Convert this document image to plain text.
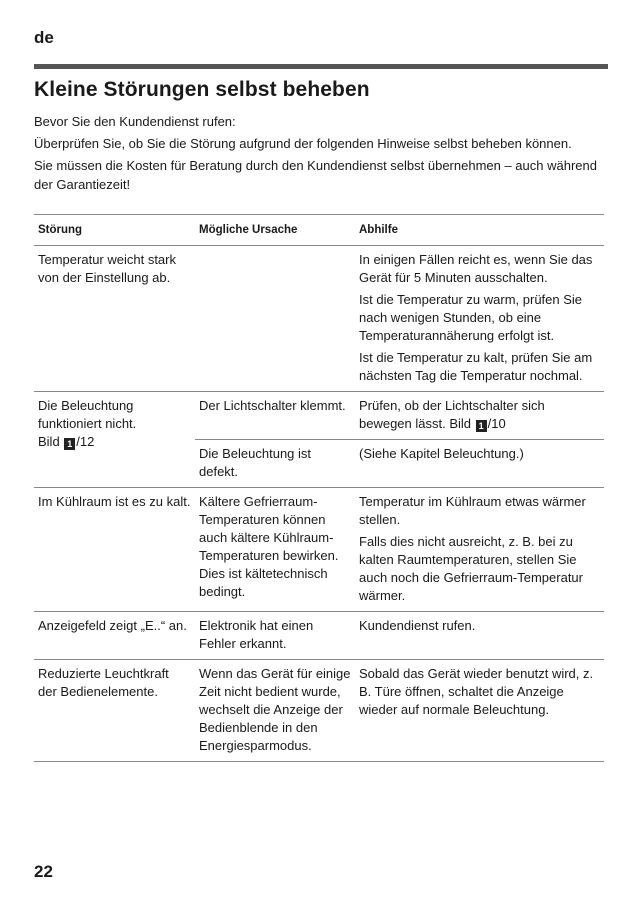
de
Kleine Störungen selbst beheben

Bevor Sie den Kundendienst rufen:

Überprüfen Sie, ob Sie die Störung aufgrund der folgenden Hinweise selbst beheben können.

Sie müssen die Kosten für Beratung durch den Kundendienst selbst übernehmen – auch während der Garantiezeit!

Störung	Mögliche Ursache	Abhilfe
Temperatur weicht stark von der Einstellung ab.		In einigen Fällen reicht es, wenn Sie das Gerät für 5 Minuten ausschalten.

Ist die Temperatur zu warm, prüfen Sie nach wenigen Stunden, ob eine Temperaturannäherung erfolgt ist.

Ist die Temperatur zu kalt, prüfen Sie am nächsten Tag die Temperatur nochmal.

Die Beleuchtung funktioniert nicht.
Bild 1 /12	Der Lichtschalter klemmt.	Prüfen, ob der Lichtschalter sich bewegen lässt. Bild 1 /10
	Die Beleuchtung ist defekt.	(Siehe Kapitel Beleuchtung.)
Im Kühlraum ist es zu kalt.	Kältere Gefrierraum-Temperaturen können auch kältere Kühlraum-Temperaturen bewirken. Dies ist kältetechnisch bedingt.	Temperatur im Kühlraum etwas wärmer stellen.

Falls dies nicht ausreicht, z. B. bei zu kalten Raumtemperaturen, stellen Sie auch noch die Gefrierraum-Temperatur wärmer.

Anzeigefeld zeigt „E..“ an.	Elektronik hat einen Fehler erkannt.	Kundendienst rufen.
Reduzierte Leuchtkraft der Bedienelemente.	Wenn das Gerät für einige Zeit nicht bedient wurde, wechselt die Anzeige der Bedienblende in den Energiesparmodus.	Sobald das Gerät wieder benutzt wird, z. B. Türe öffnen, schaltet die Anzeige wieder auf normale Beleuchtung.
22
